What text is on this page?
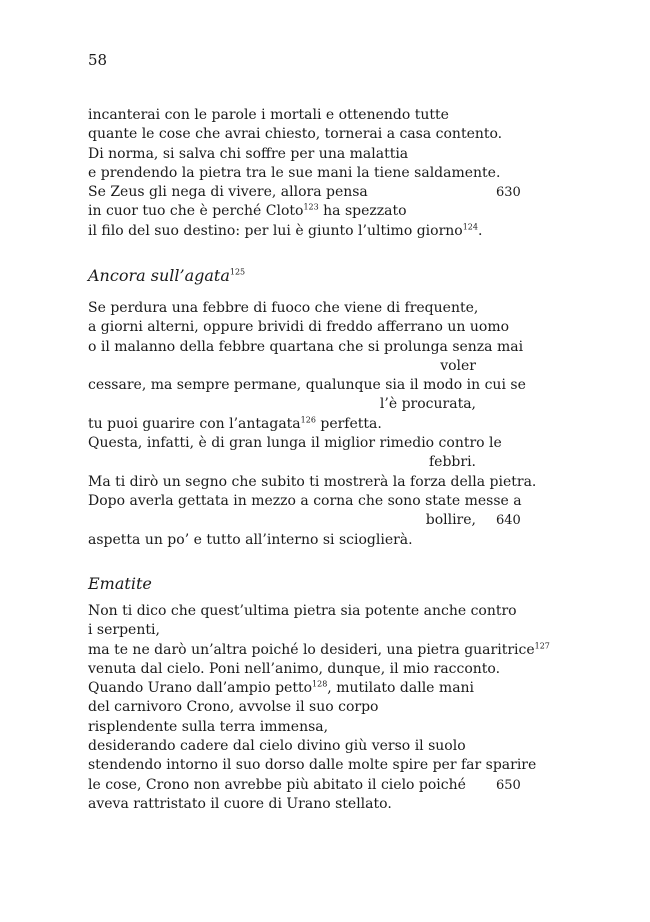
58
incanterai con le parole i mortali e ottenendo tutte
quante le cose che avrai chiesto, tornerai a casa contento.
Di norma, si salva chi soffre per una malattia
e prendendo la pietra tra le sue mani la tiene saldamente.
Se Zeus gli nega di vivere, allora pensa	630
in cuor tuo che è perché Cloto$^{123}$ ha spezzato
il filo del suo destino: per lui è giunto l’ultimo giorno$^{124}$.
Ancora sull’agata$^{125}$
Se perdura una febbre di fuoco che viene di frequente,
a giorni alterni, oppure brividi di freddo afferrano un uomo
o il malanno della febbre quartana che si prolunga senza mai
voler
cessare, ma sempre permane, qualunque sia il modo in cui se
l’è procurata,
tu puoi guarire con l’antagata$^{126}$ perfetta.
Questa, infatti, è di gran lunga il miglior rimedio contro le
febbri.
Ma ti dirò un segno che subito ti mostrerà la forza della pietra.
Dopo averla gettata in mezzo a corna che sono state messe a
bollire, 640
aspetta un po’ e tutto all’interno si scioglierà.
Ematite
Non ti dico che quest’ultima pietra sia potente anche contro
i serpenti,
ma te ne darò un’altra poiché lo desideri, una pietra guaritrice$^{127}$
venuta dal cielo. Poni nell’animo, dunque, il mio racconto.
Quando Urano dall’ampio petto$^{128}$, mutilato dalle mani
del carnivoro Crono, avvolse il suo corpo
risplendente sulla terra immensa,
desiderando cadere dal cielo divino giù verso il suolo
stendendo intorno il suo dorso dalle molte spire per far sparire
le cose, Crono non avrebbe più abitato il cielo poiché 650
aveva rattristato il cuore di Urano stellato.
